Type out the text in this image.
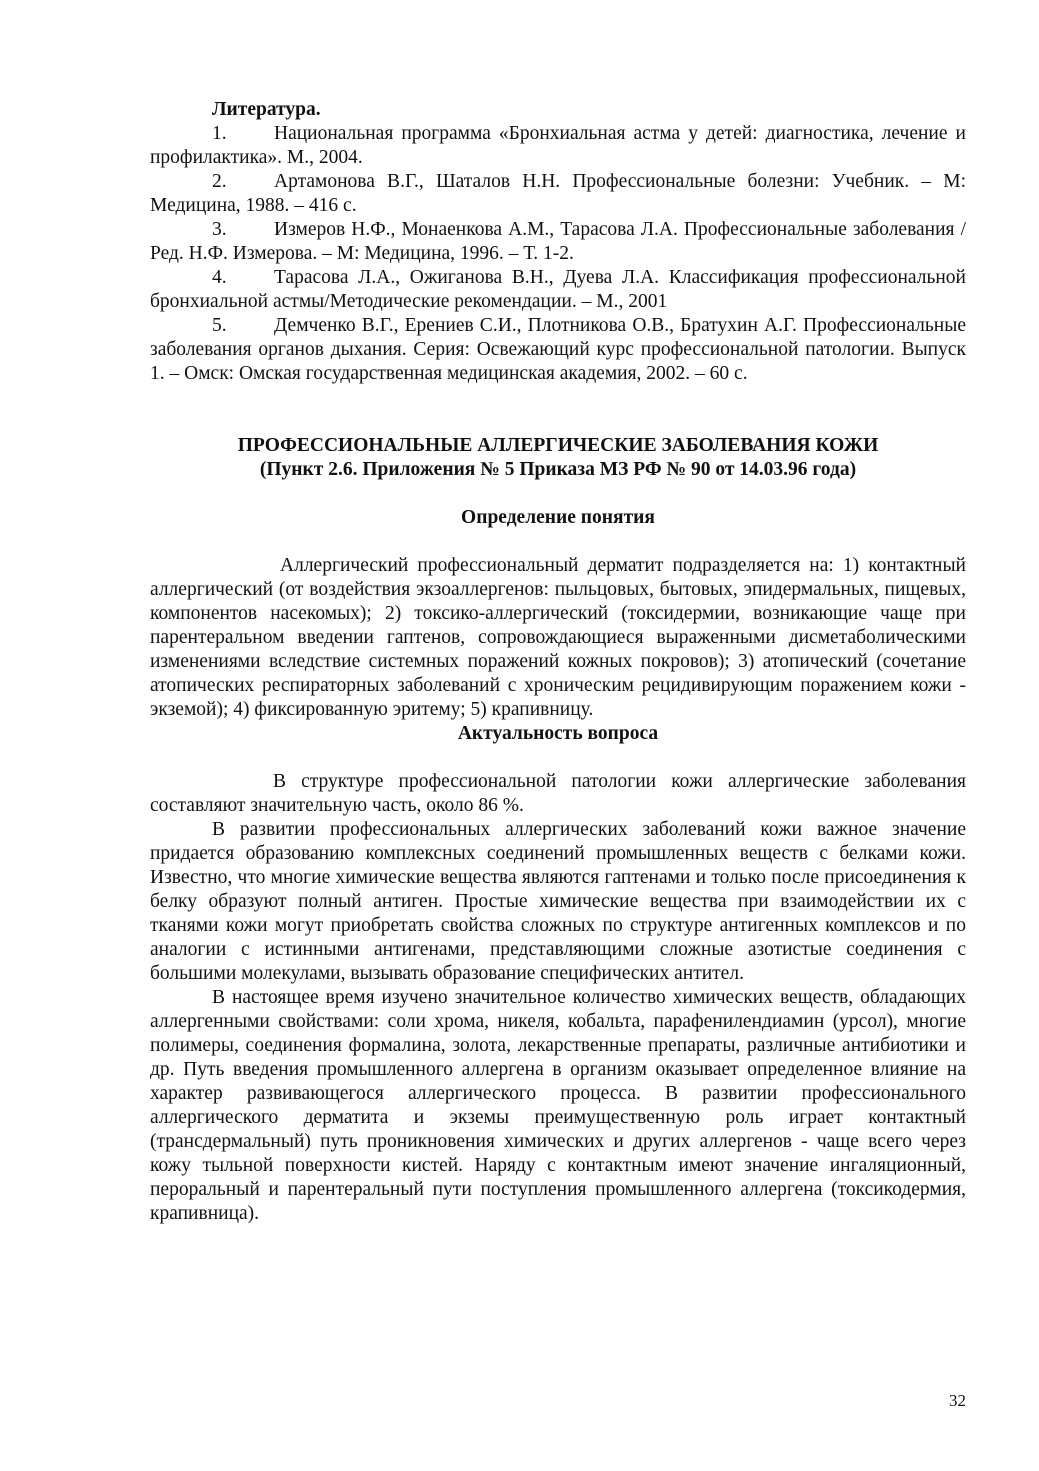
Литература.

1. Национальная программа «Бронхиальная астма у детей: диагностика, лечение и профилактика». М., 2004.

2. Артамонова В.Г., Шаталов Н.Н. Профессиональные болезни: Учебник. – М: Медицина, 1988. – 416 с.

3. Измеров Н.Ф., Монаенкова А.М., Тарасова Л.А. Профессиональные заболевания / Ред. Н.Ф. Измерова. – М: Медицина, 1996. – Т. 1-2.

4. Тарасова Л.А., Ожиганова В.Н., Дуева Л.А. Классификация профессиональной бронхиальной астмы/Методические рекомендации. – М., 2001

5. Демченко В.Г., Ерениев С.И., Плотникова О.В., Братухин А.Г. Профессиональные заболевания органов дыхания. Серия: Освежающий курс профессиональной патологии. Выпуск 1. – Омск: Омская государственная медицинская академия, 2002. – 60 с.

ПРОФЕССИОНАЛЬНЫЕ АЛЛЕРГИЧЕСКИЕ ЗАБОЛЕВАНИЯ КОЖИ

(Пункт 2.6. Приложения № 5 Приказа МЗ РФ № 90 от 14.03.96 года)

Определение понятия

Аллергический профессиональный дерматит подразделяется на: 1) контактный аллергический (от воздействия экзоаллергенов: пыльцовых, бытовых, эпидермальных, пищевых, компонентов насекомых); 2) токсико-аллергический (токсидермии, возникающие чаще при парентеральном введении гаптенов, сопровождающиеся выраженными дисметаболическими изменениями вследствие системных поражений кожных покровов); 3) атопический (сочетание атопических респираторных заболеваний с хроническим рецидивирующим поражением кожи - экземой); 4) фиксированную эритему; 5) крапивницу.

Актуальность вопроса

В структуре профессиональной патологии кожи аллергические заболевания составляют значительную часть, около 86 %.

В развитии профессиональных аллергических заболеваний кожи важное значение придается образованию комплексных соединений промышленных веществ с белками кожи. Известно, что многие химические вещества являются гаптенами и только после присоединения к белку образуют полный антиген. Простые химические вещества при взаимодействии их с тканями кожи могут приобретать свойства сложных по структуре антигенных комплексов и по аналогии с истинными антигенами, представляющими сложные азотистые соединения с большими молекулами, вызывать образование специфических антител.

В настоящее время изучено значительное количество химических веществ, обладающих аллергенными свойствами: соли хрома, никеля, кобальта, парафенилендиамин (урсол), многие полимеры, соединения формалина, золота, лекарственные препараты, различные антибиотики и др. Путь введения промышленного аллергена в организм оказывает определенное влияние на характер развивающегося аллергического процесса. В развитии профессионального аллергического дерматита и экземы преимущественную роль играет контактный (трансдермальный) путь проникновения химических и других аллергенов - чаще всего через кожу тыльной поверхности кистей. Наряду с контактным имеют значение ингаляционный, пероральный и парентеральный пути поступления промышленного аллергена (токсикодермия, крапивница).

32
